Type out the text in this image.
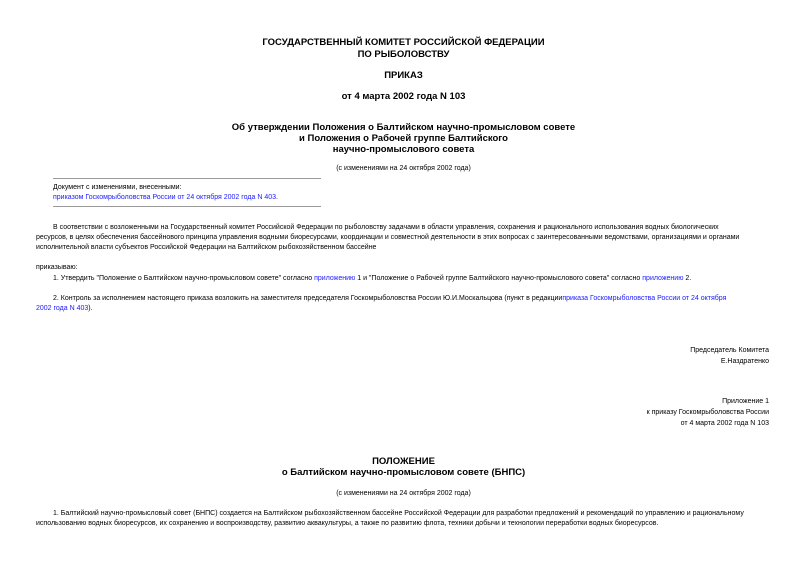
ГОСУДАРСТВЕННЫЙ КОМИТЕТ РОССИЙСКОЙ ФЕДЕРАЦИИ
ПО РЫБОЛОВСТВУ
ПРИКАЗ
от 4 марта 2002 года N 103
Об утверждении Положения о Балтийском научно-промысловом совете
и Положения о Рабочей группе Балтийского
научно-промыслового совета
(с изменениями на 24 октября 2002 года)
Документ с изменениями, внесенными:
приказом Госкомрыболовства России от 24 октября 2002 года N 403.
В соответствии с возложенными на Государственный комитет Российской Федерации по рыболовству задачами в области управления, сохранения и рационального использования водных биологических
ресурсов, в целях обеспечения бассейнового принципа управления водными биоресурсами, координации и совместной деятельности в этих вопросах с заинтересованными ведомствами, организациями и органами
исполнительной власти субъектов Российской Федерации на Балтийском рыбохозяйственном бассейне
приказываю:
1. Утвердить "Положение о Балтийском научно-промысловом совете" согласно приложению 1 и "Положение о Рабочей группе Балтийского научно-промыслового совета" согласно приложению 2.
2. Контроль за исполнением настоящего приказа возложить на заместителя председателя Госкомрыболовства России Ю.И.Москальцова (пункт в редакцииприказа Госкомрыболовства России от 24 октября
2002 года N 403).
Председатель Комитета
Е.Наздратенко
Приложение 1
к приказу Госкомрыболовства России
от 4 марта 2002 года N 103
ПОЛОЖЕНИЕ
о Балтийском научно-промысловом совете (БНПС)
(с изменениями на 24 октября 2002 года)
1. Балтийский научно-промысловый совет (БНПС) создается на Балтийском рыбохозяйственном бассейне Российской Федерации для разработки предложений и рекомендаций по управлению и рациональному
использованию водных биоресурсов, их сохранению и воспроизводству, развитию аквакультуры, а также по развитию флота, техники добычи и технологии переработки водных биоресурсов.
